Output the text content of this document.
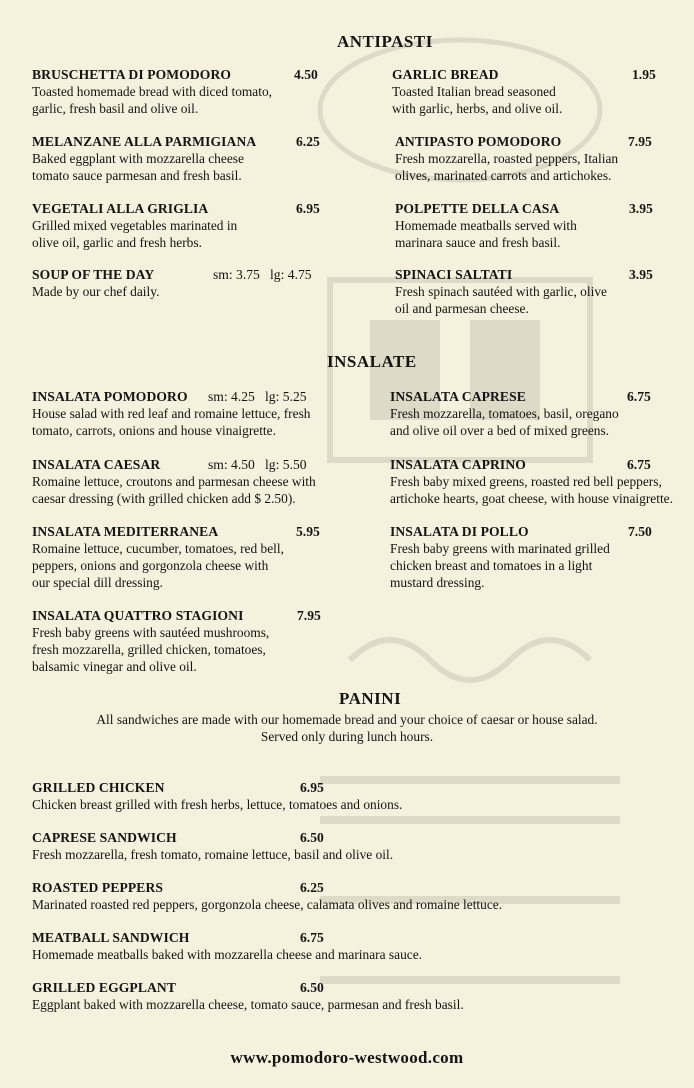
ANTIPASTI
BRUSCHETTA DI POMODORO	4.50
Toasted homemade bread with diced tomato,
garlic, fresh basil and olive oil.
GARLIC BREAD	1.95
Toasted Italian bread seasoned
with garlic, herbs, and olive oil.
MELANZANE ALLA PARMIGIANA	6.25
Baked eggplant with mozzarella cheese
tomato sauce parmesan and fresh basil.
ANTIPASTO POMODORO	7.95
Fresh mozzarella, roasted peppers, Italian
olives, marinated carrots and artichokes.
VEGETALI ALLA GRIGLIA	6.95
Grilled mixed vegetables marinated in
olive oil, garlic and fresh herbs.
POLPETTE DELLA CASA	3.95
Homemade meatballs served with
marinara sauce and fresh basil.
SOUP OF THE DAY	sm: 3.75   lg: 4.75
Made by our chef daily.
SPINACI SALTATI	3.95
Fresh spinach sautéed with garlic, olive
oil and parmesan cheese.
INSALATE
INSALATA POMODORO sm: 4.25   lg: 5.25
House salad with red leaf and romaine lettuce, fresh
tomato, carrots, onions and house vinaigrette.
INSALATA CAPRESE	6.75
Fresh mozzarella, tomatoes, basil, oregano
and olive oil over a bed of mixed greens.
INSALATA CAESAR	sm: 4.50   lg: 5.50
Romaine lettuce, croutons and parmesan cheese with
caesar dressing (with grilled chicken add $ 2.50).
INSALATA CAPRINO	6.75
Fresh baby mixed greens, roasted red bell peppers,
artichoke hearts, goat cheese, with house vinaigrette.
INSALATA MEDITERRANEA	5.95
Romaine lettuce, cucumber, tomatoes, red bell,
peppers, onions and gorgonzola cheese with
our special dill dressing.
INSALATA DI POLLO	7.50
Fresh baby greens with marinated grilled
chicken breast and tomatoes in a light
mustard dressing.
INSALATA QUATTRO STAGIONI	7.95
Fresh baby greens with sautéed mushrooms,
fresh mozzarella, grilled chicken, tomatoes,
balsamic vinegar and olive oil.
PANINI
All sandwiches are made with our homemade bread and your choice of caesar or house salad.
Served only during lunch hours.
GRILLED CHICKEN	6.95
Chicken breast grilled with fresh herbs, lettuce, tomatoes and onions.
CAPRESE SANDWICH	6.50
Fresh mozzarella, fresh tomato, romaine lettuce, basil and olive oil.
ROASTED PEPPERS	6.25
Marinated roasted red peppers, gorgonzola cheese, calamata olives and romaine lettuce.
MEATBALL SANDWICH	6.75
Homemade meatballs baked with mozzarella cheese and marinara sauce.
GRILLED EGGPLANT	6.50
Eggplant baked with mozzarella cheese, tomato sauce, parmesan and fresh basil.
www.pomodoro-westwood.com
